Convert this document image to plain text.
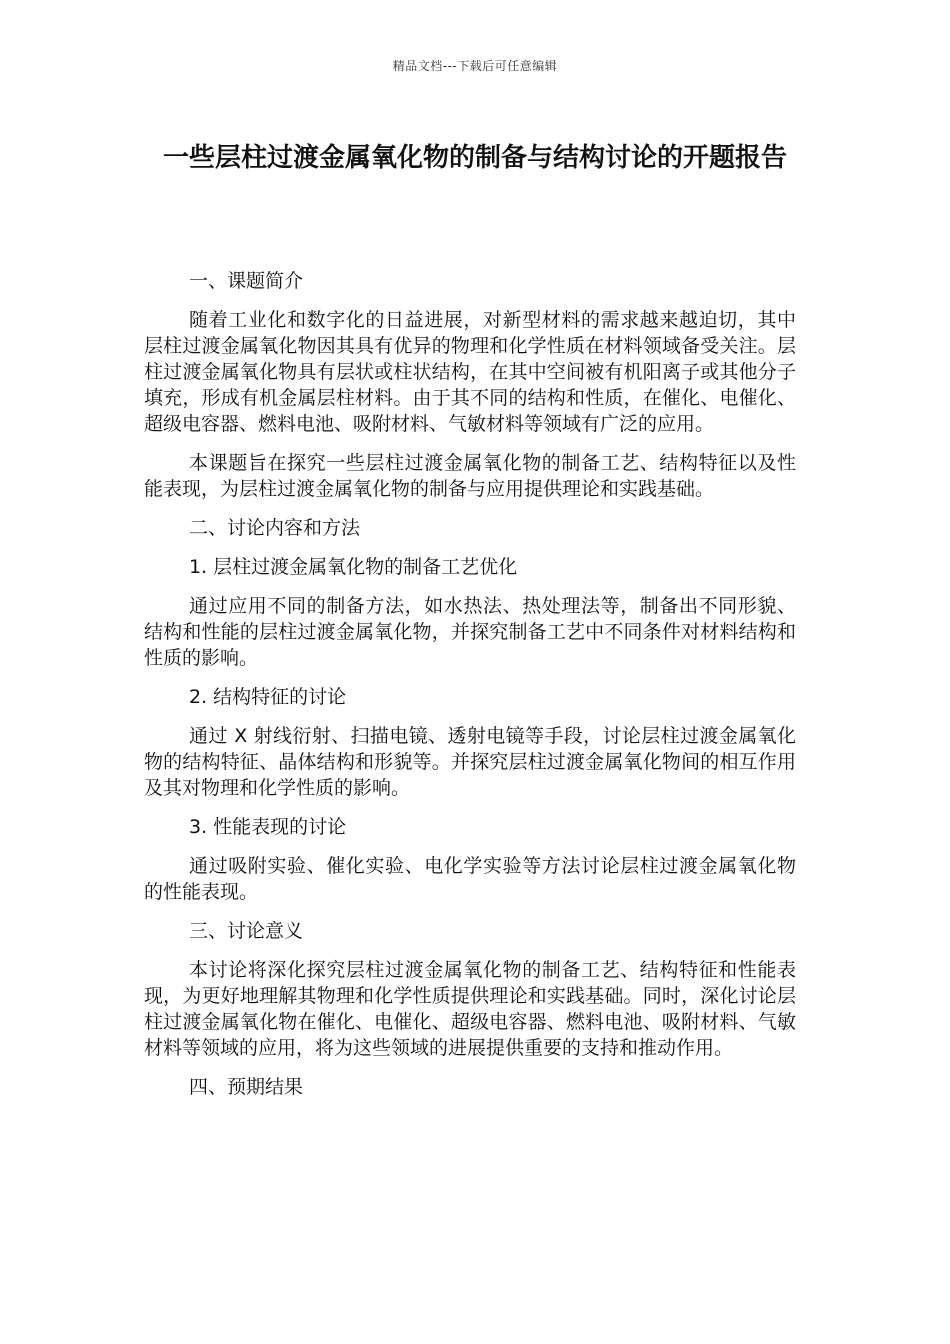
精品文档---下载后可任意编辑
一些层柱过渡金属氧化物的制备与结构讨论的开题报告

一、课题简介

随着工业化和数字化的日益进展，对新型材料的需求越来越迫切，其中层柱过渡金属氧化物因其具有优异的物理和化学性质在材料领域备受关注。层柱过渡金属氧化物具有层状或柱状结构，在其中空间被有机阳离子或其他分子填充，形成有机金属层柱材料。由于其不同的结构和性质，在催化、电催化、超级电容器、燃料电池、吸附材料、气敏材料等领域有广泛的应用。

本课题旨在探究一些层柱过渡金属氧化物的制备工艺、结构特征以及性能表现，为层柱过渡金属氧化物的制备与应用提供理论和实践基础。

二、讨论内容和方法

1. 层柱过渡金属氧化物的制备工艺优化

通过应用不同的制备方法，如水热法、热处理法等，制备出不同形貌、结构和性能的层柱过渡金属氧化物，并探究制备工艺中不同条件对材料结构和性质的影响。

2. 结构特征的讨论

通过 X 射线衍射、扫描电镜、透射电镜等手段，讨论层柱过渡金属氧化物的结构特征、晶体结构和形貌等。并探究层柱过渡金属氧化物间的相互作用及其对物理和化学性质的影响。

3. 性能表现的讨论

通过吸附实验、催化实验、电化学实验等方法讨论层柱过渡金属氧化物的性能表现。

三、讨论意义

本讨论将深化探究层柱过渡金属氧化物的制备工艺、结构特征和性能表现，为更好地理解其物理和化学性质提供理论和实践基础。同时，深化讨论层柱过渡金属氧化物在催化、电催化、超级电容器、燃料电池、吸附材料、气敏材料等领域的应用，将为这些领域的进展提供重要的支持和推动作用。

四、预期结果
